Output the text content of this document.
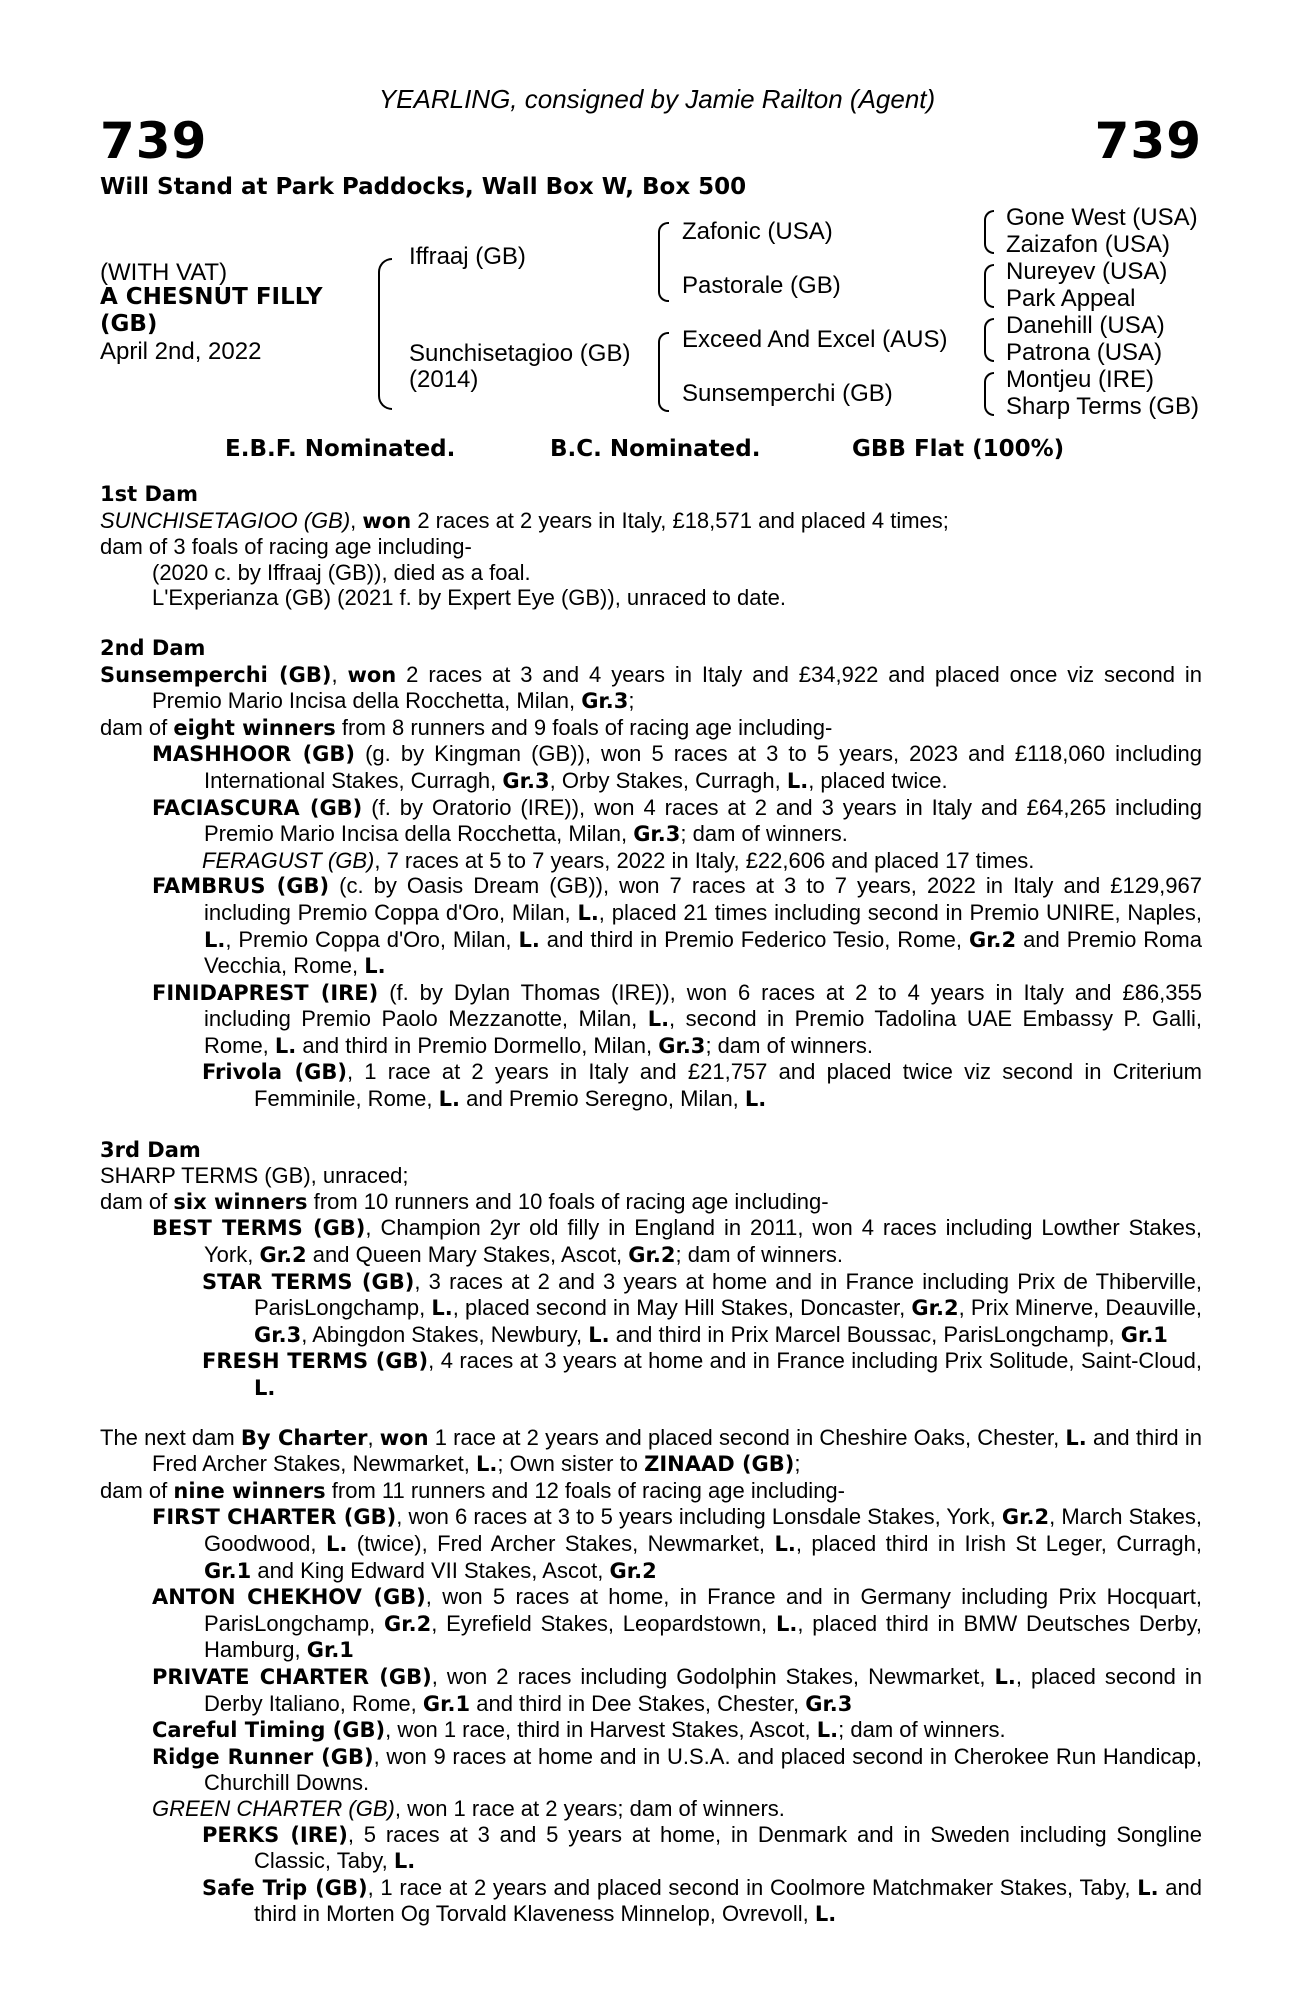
YEARLING, consigned by Jamie Railton (Agent)
739	739
Will Stand at Park Paddocks, Wall Box W, Box 500
(WITH VAT)
A CHESNUT FILLY
(GB)
April 2nd, 2022
Iffraaj (GB)
Sunchisetagioo (GB)
(2014)
Zafonic (USA)
Pastorale (GB)
Exceed And Excel (AUS)
Sunsemperchi (GB)
Gone West (USA)
Zaizafon (USA)
Nureyev (USA)
Park Appeal
Danehill (USA)
Patrona (USA)
Montjeu (IRE)
Sharp Terms (GB)
E.B.F. Nominated.	B.C. Nominated.	GBB Flat (100%)

1st Dam

SUNCHISETAGIOO (GB), won 2 races at 2 years in Italy, £18,571 and placed 4 times;

dam of 3 foals of racing age including-

(2020 c. by Iffraaj (GB)), died as a foal.

L'Experianza (GB) (2021 f. by Expert Eye (GB)), unraced to date.

2nd Dam

Sunsemperchi (GB), won 2 races at 3 and 4 years in Italy and £34,922 and placed once viz second in Premio Mario Incisa della Rocchetta, Milan, Gr.3;

dam of eight winners from 8 runners and 9 foals of racing age including-

MASHHOOR (GB) (g. by Kingman (GB)), won 5 races at 3 to 5 years, 2023 and £118,060 including International Stakes, Curragh, Gr.3, Orby Stakes, Curragh, L., placed twice.

FACIASCURA (GB) (f. by Oratorio (IRE)), won 4 races at 2 and 3 years in Italy and £64,265 including Premio Mario Incisa della Rocchetta, Milan, Gr.3; dam of winners.

FERAGUST (GB), 7 races at 5 to 7 years, 2022 in Italy, £22,606 and placed 17 times.

FAMBRUS (GB) (c. by Oasis Dream (GB)), won 7 races at 3 to 7 years, 2022 in Italy and £129,967 including Premio Coppa d'Oro, Milan, L., placed 21 times including second in Premio UNIRE, Naples, L., Premio Coppa d'Oro, Milan, L. and third in Premio Federico Tesio, Rome, Gr.2 and Premio Roma Vecchia, Rome, L.

FINIDAPREST (IRE) (f. by Dylan Thomas (IRE)), won 6 races at 2 to 4 years in Italy and £86,355 including Premio Paolo Mezzanotte, Milan, L., second in Premio Tadolina UAE Embassy P. Galli, Rome, L. and third in Premio Dormello, Milan, Gr.3; dam of winners.

Frivola (GB), 1 race at 2 years in Italy and £21,757 and placed twice viz second in Criterium Femminile, Rome, L. and Premio Seregno, Milan, L.

3rd Dam

SHARP TERMS (GB), unraced;

dam of six winners from 10 runners and 10 foals of racing age including-

BEST TERMS (GB), Champion 2yr old filly in England in 2011, won 4 races including Lowther Stakes, York, Gr.2 and Queen Mary Stakes, Ascot, Gr.2; dam of winners.

STAR TERMS (GB), 3 races at 2 and 3 years at home and in France including Prix de Thiberville, ParisLongchamp, L., placed second in May Hill Stakes, Doncaster, Gr.2, Prix Minerve, Deauville, Gr.3, Abingdon Stakes, Newbury, L. and third in Prix Marcel Boussac, ParisLongchamp, Gr.1

FRESH TERMS (GB), 4 races at 3 years at home and in France including Prix Solitude, Saint-Cloud, L.

The next dam By Charter, won 1 race at 2 years and placed second in Cheshire Oaks, Chester, L. and third in Fred Archer Stakes, Newmarket, L.; Own sister to ZINAAD (GB);

dam of nine winners from 11 runners and 12 foals of racing age including-

FIRST CHARTER (GB), won 6 races at 3 to 5 years including Lonsdale Stakes, York, Gr.2, March Stakes, Goodwood, L. (twice), Fred Archer Stakes, Newmarket, L., placed third in Irish St Leger, Curragh, Gr.1 and King Edward VII Stakes, Ascot, Gr.2

ANTON CHEKHOV (GB), won 5 races at home, in France and in Germany including Prix Hocquart, ParisLongchamp, Gr.2, Eyrefield Stakes, Leopardstown, L., placed third in BMW Deutsches Derby, Hamburg, Gr.1

PRIVATE CHARTER (GB), won 2 races including Godolphin Stakes, Newmarket, L., placed second in Derby Italiano, Rome, Gr.1 and third in Dee Stakes, Chester, Gr.3

Careful Timing (GB), won 1 race, third in Harvest Stakes, Ascot, L.; dam of winners.

Ridge Runner (GB), won 9 races at home and in U.S.A. and placed second in Cherokee Run Handicap, Churchill Downs.

GREEN CHARTER (GB), won 1 race at 2 years; dam of winners.

PERKS (IRE), 5 races at 3 and 5 years at home, in Denmark and in Sweden including Songline Classic, Taby, L.

Safe Trip (GB), 1 race at 2 years and placed second in Coolmore Matchmaker Stakes, Taby, L. and third in Morten Og Torvald Klaveness Minnelop, Ovrevoll, L.
